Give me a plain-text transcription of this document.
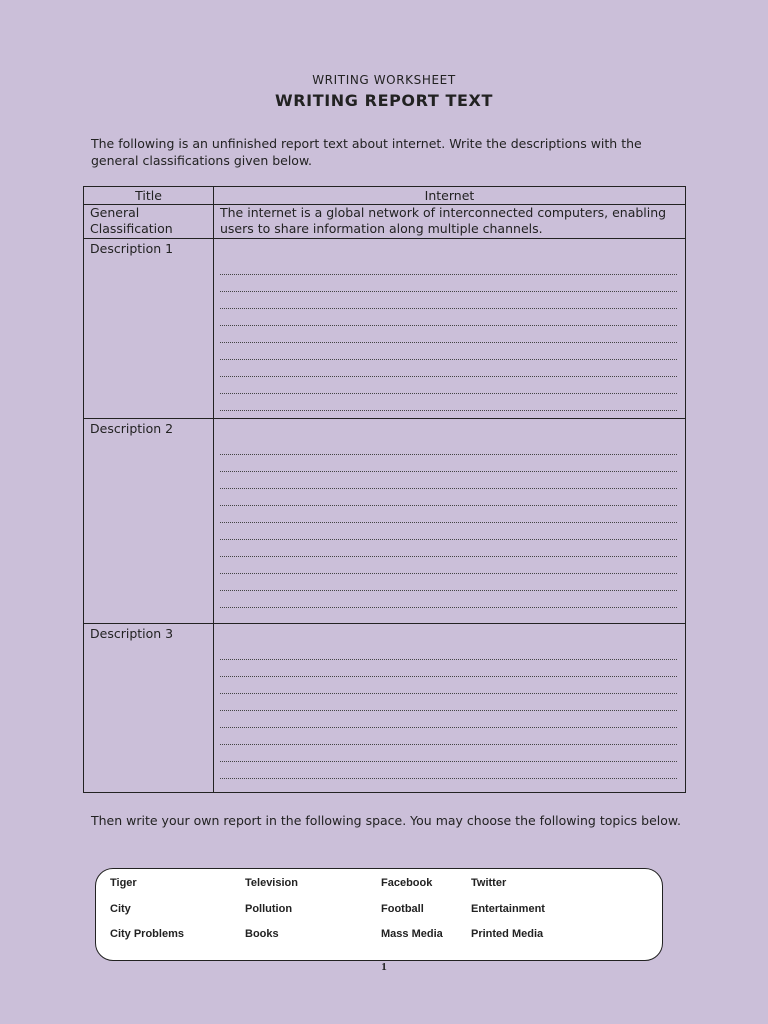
WRITING WORKSHEET
WRITING REPORT TEXT
The following is an unfinished report text about internet. Write the descriptions with the general classifications given below.
Title	Internet
General Classification	The internet is a global network of interconnected computers, enabling users to share information along multiple channels.

Description 1	

Description 2	

Description 3	

Then write your own report in the following space. You may choose the following topics below.
Tiger	Television	Facebook	Twitter
City	Pollution	Football	Entertainment
City Problems	Books	Mass Media	Printed Media
1
